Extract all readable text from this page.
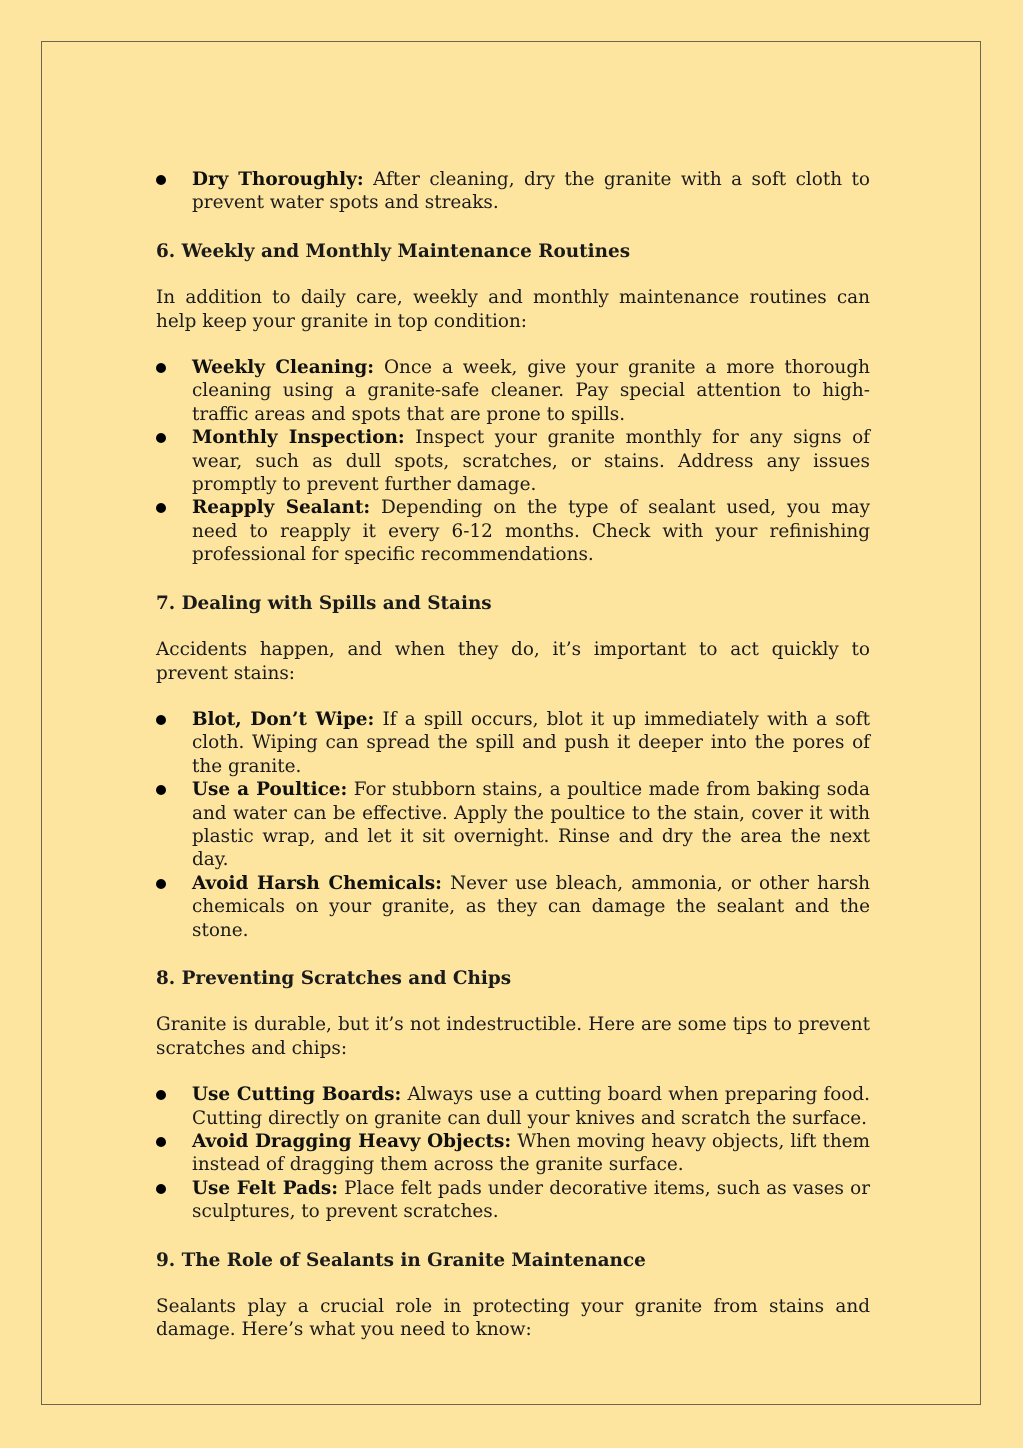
Dry Thoroughly: After cleaning, dry the granite with a soft cloth to prevent water spots and streaks.
6. Weekly and Monthly Maintenance Routines

In addition to daily care, weekly and monthly maintenance routines can help keep your granite in top condition:

Weekly Cleaning: Once a week, give your granite a more thorough cleaning using a granite-safe cleaner. Pay special attention to high-traffic areas and spots that are prone to spills.
Monthly Inspection: Inspect your granite monthly for any signs of wear, such as dull spots, scratches, or stains. Address any issues promptly to prevent further damage.
Reapply Sealant: Depending on the type of sealant used, you may need to reapply it every 6-12 months. Check with your refinishing professional for specific recommendations.
7. Dealing with Spills and Stains

Accidents happen, and when they do, it’s important to act quickly to prevent stains:

Blot, Don’t Wipe: If a spill occurs, blot it up immediately with a soft cloth. Wiping can spread the spill and push it deeper into the pores of the granite.
Use a Poultice: For stubborn stains, a poultice made from baking soda and water can be effective. Apply the poultice to the stain, cover it with plastic wrap, and let it sit overnight. Rinse and dry the area the next day.
Avoid Harsh Chemicals: Never use bleach, ammonia, or other harsh chemicals on your granite, as they can damage the sealant and the stone.
8. Preventing Scratches and Chips

Granite is durable, but it’s not indestructible. Here are some tips to prevent scratches and chips:

Use Cutting Boards: Always use a cutting board when preparing food. Cutting directly on granite can dull your knives and scratch the surface.
Avoid Dragging Heavy Objects: When moving heavy objects, lift them instead of dragging them across the granite surface.
Use Felt Pads: Place felt pads under decorative items, such as vases or sculptures, to prevent scratches.
9. The Role of Sealants in Granite Maintenance

Sealants play a crucial role in protecting your granite from stains and damage. Here’s what you need to know:
